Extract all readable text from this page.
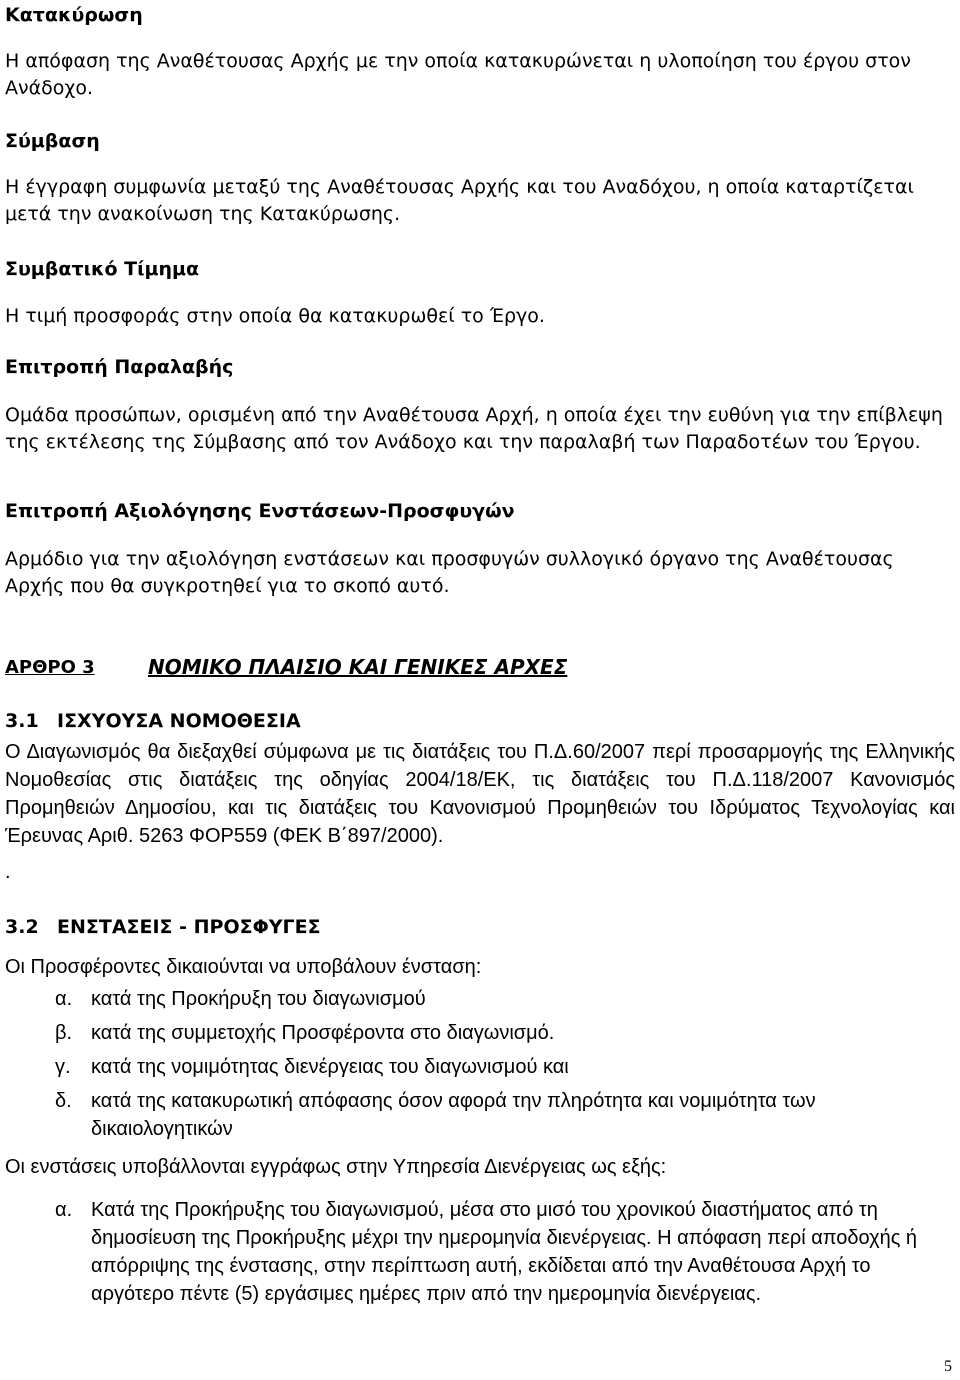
Κατακύρωση

Η απόφαση της Αναθέτουσας Αρχής με την οποία κατακυρώνεται η υλοποίηση του έργου στον Ανάδοχο.

Σύμβαση

Η έγγραφη συμφωνία μεταξύ της Αναθέτουσας Αρχής και του Αναδόχου, η οποία καταρτίζεται μετά την ανακοίνωση της Κατακύρωσης.

Συμβατικό Τίμημα

Η τιμή προσφοράς στην οποία θα κατακυρωθεί το Έργο.

Επιτροπή Παραλαβής

Ομάδα προσώπων, ορισμένη από την Αναθέτουσα Αρχή, η οποία έχει την ευθύνη για την επίβλεψη της εκτέλεσης της Σύμβασης από τον Ανάδοχο και την παραλαβή των Παραδοτέων του Έργου.

Επιτροπή Αξιολόγησης Ενστάσεων-Προσφυγών

Αρμόδιο για την αξιολόγηση ενστάσεων και προσφυγών συλλογικό όργανο της Αναθέτουσας Αρχής που θα συγκροτηθεί για το σκοπό αυτό.

ΑΡΘΡΟ 3	ΝΟΜΙΚΟ ΠΛΑΙΣΙΟ ΚΑΙ ΓΕΝΙΚΕΣ ΑΡΧΕΣ
3.1 ΙΣΧΥΟΥΣΑ ΝΟΜΟΘΕΣΙΑ

Ο Διαγωνισμός θα διεξαχθεί σύμφωνα με τις διατάξεις του Π.Δ.60/2007 περί προσαρμογής της Ελληνικής Νομοθεσίας στις διατάξεις της οδηγίας 2004/18/ΕΚ, τις διατάξεις του Π.Δ.118/2007 Κανονισμός Προμηθειών Δημοσίου, και τις διατάξεις του Κανονισμού Προμηθειών του Ιδρύματος Τεχνολογίας και Έρευνας Αριθ. 5263 ΦΟΡ559 (ΦΕΚ Β΄897/2000).

.
3.2 ΕΝΣΤΑΣΕΙΣ - ΠΡΟΣΦΥΓΕΣ

Οι Προσφέροντες δικαιούνται να υποβάλουν ένσταση:

α. κατά της Προκήρυξη του διαγωνισμού
β. κατά της συμμετοχής Προσφέροντα στο διαγωνισμό.
γ.	κατά της νομιμότητας διενέργειας του διαγωνισμού και
δ. κατά της κατακυρωτική απόφασης όσον αφορά την πληρότητα και νομιμότητα των δικαιολογητικών

Οι ενστάσεις υποβάλλονται εγγράφως στην Υπηρεσία Διενέργειας ως εξής:

α. Κατά της Προκήρυξης του διαγωνισμού, μέσα στο μισό του χρονικού διαστήματος από τη δημοσίευση της Προκήρυξης μέχρι την ημερομηνία διενέργειας. Η απόφαση περί αποδοχής ή απόρριψης της ένστασης, στην περίπτωση αυτή, εκδίδεται από την Αναθέτουσα Αρχή το αργότερο πέντε (5) εργάσιμες ημέρες πριν από την ημερομηνία διενέργειας.
5
